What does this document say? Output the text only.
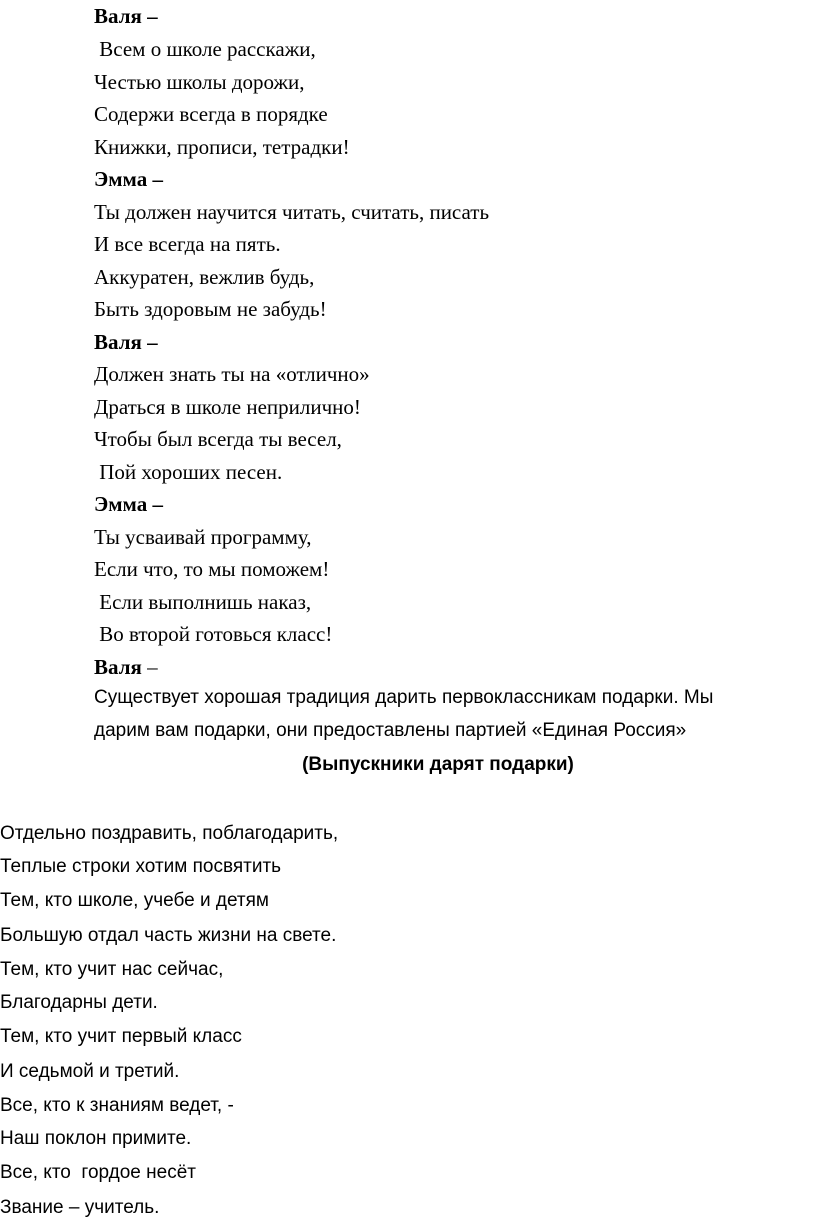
Валя –
Всем о школе расскажи,
Честью школы дорожи,
Содержи всегда в порядке
Книжки, прописи, тетрадки!
Эмма –
Ты должен научится читать, считать, писать
И все всегда на пять.
Аккуратен, вежлив будь,
Быть здоровым не забудь!
Валя –
Должен знать ты на «отлично»
Драться в школе неприлично!
Чтобы был всегда ты весел,
Пой хороших песен.
Эмма –
Ты усваивай программу,
Если что, то мы поможем!
Если выполнишь наказ,
Во второй готовься класс!
Валя –
Существует хорошая традиция дарить первоклассникам подарки. Мы
дарим вам подарки, они предоставлены партией «Единая Россия»
(Выпускники дарят подарки)
Отдельно поздравить, поблагодарить,
Теплые строки хотим посвятить
Тем, кто школе, учебе и детям
Большую отдал часть жизни на свете.
Тем, кто учит нас сейчас,
Благодарны дети.
Тем, кто учит первый класс
И седьмой и третий.
Все, кто к знаниям ведет, -
Наш поклон примите.
Все, кто  гордое несёт
Звание – учитель.
